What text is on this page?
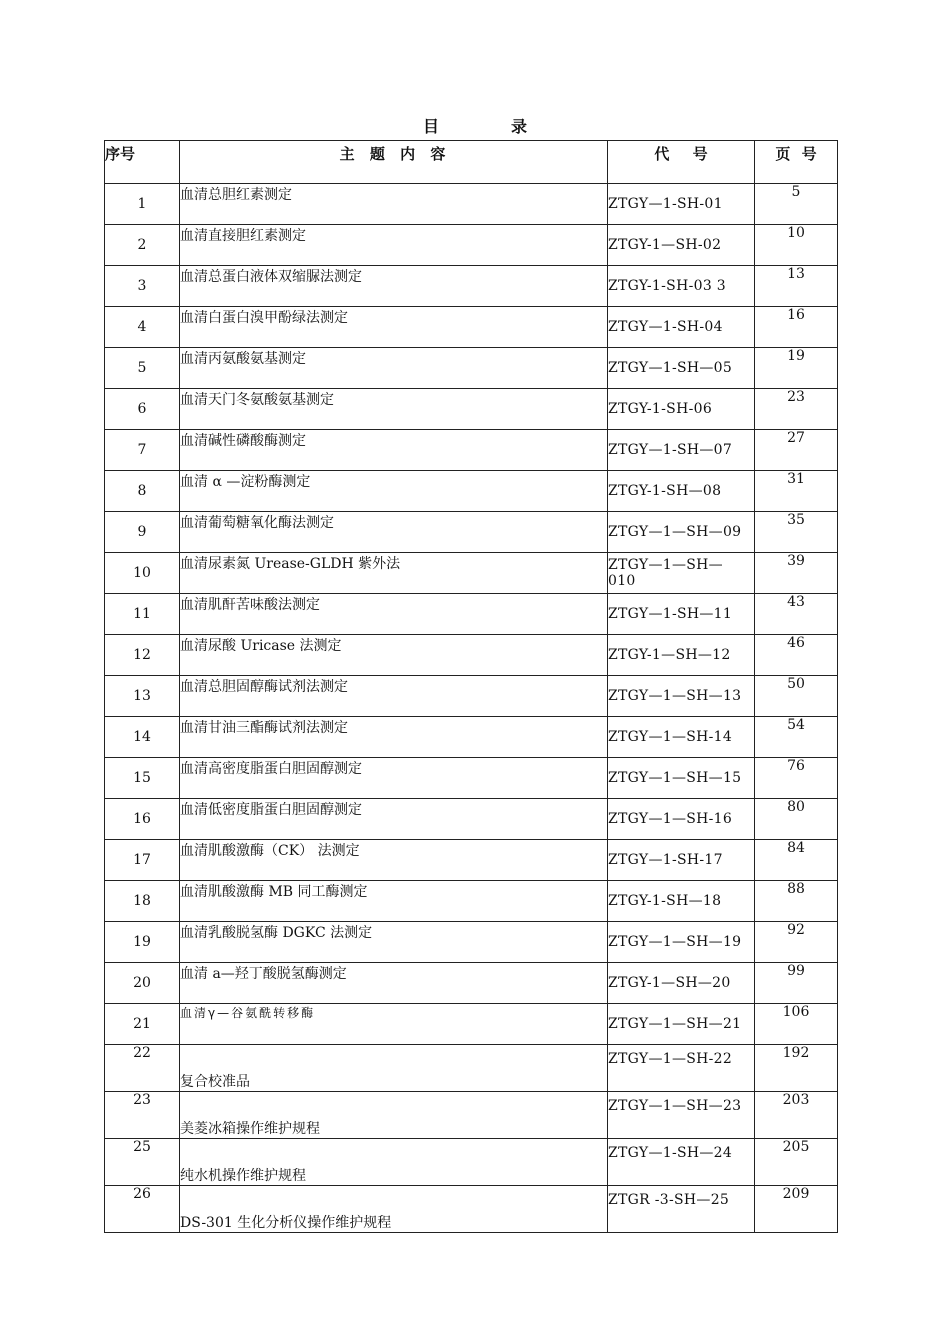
目　录
序号	主 题 内 容	代 号	页 号
1	血清总胆红素测定	ZTGY—1-SH-01	5
2	血清直接胆红素测定	ZTGY-1—SH-02	10
3	血清总蛋白液体双缩脲法测定	ZTGY-1-SH-03 3	13
4	血清白蛋白溴甲酚绿法测定	ZTGY—1-SH-04	16
5	血清丙氨酸氨基测定	ZTGY—1-SH—05	19
6	血清天门冬氨酸氨基测定	ZTGY-1-SH-06	23
7	血清碱性磷酸酶测定	ZTGY—1-SH—07	27
8	血清 α —淀粉酶测定	ZTGY-1-SH—08	31
9	血清葡萄糖氧化酶法测定	ZTGY—1—SH—09	35
10	血清尿素氮 Urease-GLDH 紫外法	ZTGY—1—SH— 010	39
11	血清肌酐苦味酸法测定	ZTGY—1-SH—11	43
12	血清尿酸 Uricase 法测定	ZTGY-1—SH—12	46
13	血清总胆固醇酶试剂法测定	ZTGY—1—SH—13	50
14	血清甘油三酯酶试剂法测定	ZTGY—1—SH-14	54
15	血清高密度脂蛋白胆固醇测定	ZTGY—1—SH—15	76
16	血清低密度脂蛋白胆固醇测定	ZTGY—1—SH-16	80
17	血清肌酸激酶（CK） 法测定	ZTGY—1-SH-17	84
18	血清肌酸激酶 MB 同工酶测定	ZTGY-1-SH—18	88
19	血清乳酸脱氢酶 DGKC 法测定	ZTGY—1—SH—19	92
20	血清 a—羟丁酸脱氢酶测定	ZTGY-1—SH—20	99
21	血清γ—谷氨酰转移酶	ZTGY—1—SH—21	106
22	复合校准品	ZTGY—1—SH-22	192
23	美菱冰箱操作维护规程	ZTGY—1—SH—23	203
25	纯水机操作维护规程	ZTGY—1-SH—24	205
26	DS-301 生化分析仪操作维护规程	ZTGR -3-SH—25	209
